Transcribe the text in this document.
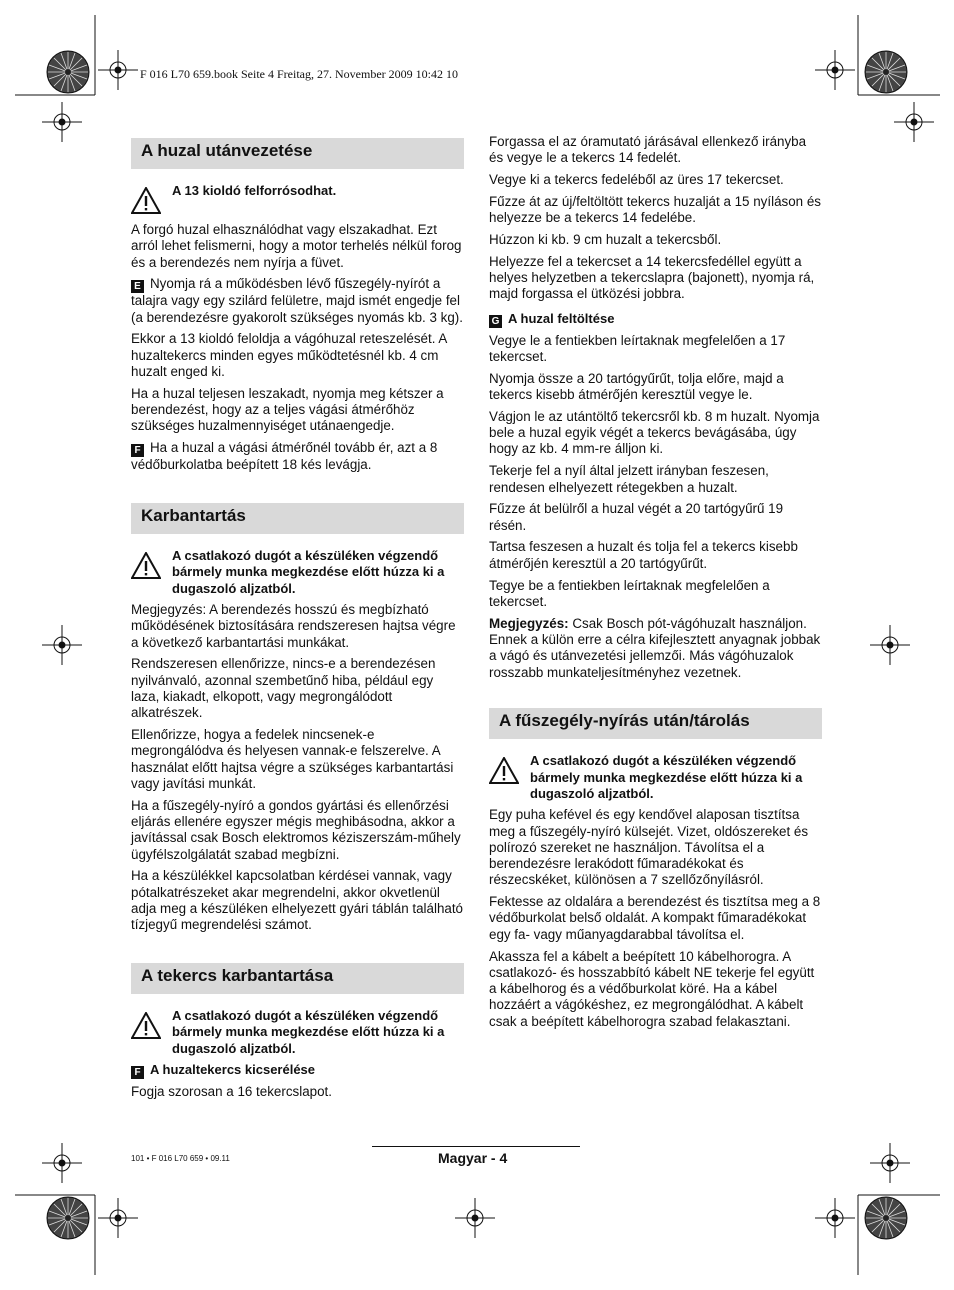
F 016 L70 659.book Seite 4 Freitag, 27. November 2009 10:42 10
A huzal utánvezetése
A 13 kioldó felforrósodhat.

A forgó huzal elhasználódhat vagy elszakadhat. Ezt arról lehet felismerni, hogy a motor terhelés nélkül forog és a berendezés nem nyírja a füvet.

E Nyomja rá a működésben lévő fűszegély-nyírót a talajra vagy egy szilárd felületre, majd ismét engedje fel (a berendezésre gyakorolt szükséges nyomás kb. 3 kg).

Ekkor a 13 kioldó feloldja a vágóhuzal reteszelését. A huzaltekercs minden egyes működtetésnél kb. 4 cm huzalt enged ki.

Ha a huzal teljesen leszakadt, nyomja meg kétszer a berendezést, hogy az a teljes vágási átmérőhöz szükséges huzalmennyiséget utánaengedje.

F Ha a huzal a vágási átmérőnél tovább ér, azt a 8 védőburkolatba beépített 18 kés levágja.

Karbantartás
A csatlakozó dugót a készüléken végzendő bármely munka megkezdése előtt húzza ki a dugaszoló aljzatból.

Megjegyzés: A berendezés hosszú és megbízható működésének biztosítására rendszeresen hajtsa végre a következő karbantartási munkákat.

Rendszeresen ellenőrizze, nincs-e a berendezésen nyilvánvaló, azonnal szembetűnő hiba, például egy laza, kiakadt, elkopott, vagy megrongálódott alkatrészek.

Ellenőrizze, hogya a fedelek nincsenek-e megrongálódva és helyesen vannak-e felszerelve. A használat előtt hajtsa végre a szükséges karbantartási vagy javítási munkát.

Ha a fűszegély-nyíró a gondos gyártási és ellenőrzési eljárás ellenére egyszer mégis meghibásodna, akkor a javítással csak Bosch elektromos kéziszerszám-műhely ügyfélszolgálatát szabad megbízni.

Ha a készülékkel kapcsolatban kérdései vannak, vagy pótalkatrészeket akar megrendelni, akkor okvetlenül adja meg a készüléken elhelyezett gyári táblán található tízjegyű megrendelési számot.

A tekercs karbantartása
A csatlakozó dugót a készüléken végzendő bármely munka megkezdése előtt húzza ki a dugaszoló aljzatból.
F A huzaltekercs kicserélése

Fogja szorosan a 16 tekercslapot.

Forgassa el az óramutató járásával ellenkező irányba és vegye le a tekercs 14 fedelét.

Vegye ki a tekercs fedeléből az üres 17 tekercset.

Fűzze át az új/feltöltött tekercs huzalját a 15 nyíláson és helyezze be a tekercs 14 fedelébe.

Húzzon ki kb. 9 cm huzalt a tekercsből.

Helyezze fel a tekercset a 14 tekercsfedéllel együtt a helyes helyzetben a tekercslapra (bajonett), nyomja rá, majd forgassa el ütközési jobbra.

G A huzal feltöltése

Vegye le a fentiekben leírtaknak megfelelően a 17 tekercset.

Nyomja össze a 20 tartógyűrűt, tolja előre, majd a tekercs kisebb átmérőjén keresztül vegye le.

Vágjon le az utántöltő tekercsről kb. 8 m huzalt. Nyomja bele a huzal egyik végét a tekercs bevágásába, úgy hogy az kb. 4 mm-re álljon ki.

Tekerje fel a nyíl által jelzett irányban feszesen, rendesen elhelyezett rétegekben a huzalt.

Fűzze át belülről a huzal végét a 20 tartógyűrű 19 résén.

Tartsa feszesen a huzalt és tolja fel a tekercs kisebb átmérőjén keresztül a 20 tartógyűrűt.

Tegye be a fentiekben leírtaknak megfelelően a tekercset.

Megjegyzés: Csak Bosch pót-vágóhuzalt használjon. Ennek a külön erre a célra kifejlesztett anyagnak jobbak a vágó és utánvezetési jellemzői. Más vágóhuzalok rosszabb munkateljesítményhez vezetnek.

A fűszegély-nyírás után/tárolás
A csatlakozó dugót a készüléken végzendő bármely munka megkezdése előtt húzza ki a dugaszoló aljzatból.

Egy puha kefével és egy kendővel alaposan tisztítsa meg a fűszegély-nyíró külsejét. Vizet, oldószereket és polírozó szereket ne használjon. Távolítsa el a berendezésre lerakódott fűmaradékokat és részecskéket, különösen a 7 szellőzőnyílásról.

Fektesse az oldalára a berendezést és tisztítsa meg a 8 védőburkolat belső oldalát. A kompakt fűmaradékokat egy fa- vagy műanyagdarabbal távolítsa el.

Akassza fel a kábelt a beépített 10 kábelhorogra. A csatlakozó- és hosszabbító kábelt NE tekerje fel együtt a kábelhorog és a védőburkolat köré. Ha a kábel hozzáért a vágókéshez, ez megrongálódhat. A kábelt csak a beépített kábelhorogra szabad felakasztani.

101 • F 016 L70 659 • 09.11	Magyar - 4
